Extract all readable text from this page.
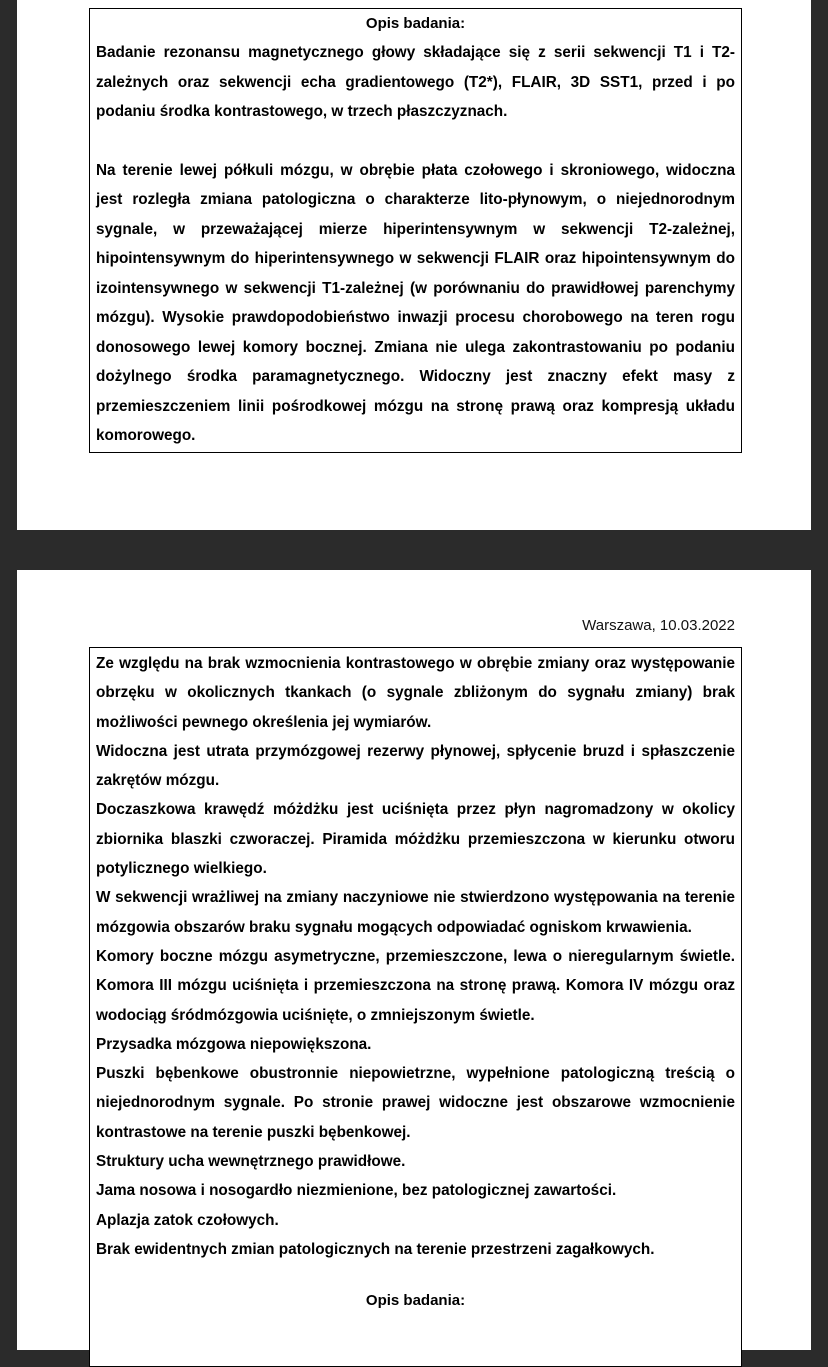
Opis badania:

Badanie rezonansu magnetycznego głowy składające się z serii sekwencji T1 i T2-zależnych oraz sekwencji echa gradientowego (T2*), FLAIR, 3D SST1, przed i po podaniu środka kontrastowego, w trzech płaszczyznach.

Na terenie lewej półkuli mózgu, w obrębie płata czołowego i skroniowego, widoczna jest rozległa zmiana patologiczna o charakterze lito-płynowym, o niejednorodnym sygnale, w przeważającej mierze hiperintensywnym w sekwencji T2-zależnej, hipointensywnym do hiperintensywnego w sekwencji FLAIR oraz hipointensywnym do izointensywnego w sekwencji T1-zależnej (w porównaniu do prawidłowej parenchymy mózgu). Wysokie prawdopodobieństwo inwazji procesu chorobowego na teren rogu donosowego lewej komory bocznej. Zmiana nie ulega zakontrastowaniu po podaniu dożylnego środka paramagnetycznego. Widoczny jest znaczny efekt masy z przemieszczeniem linii pośrodkowej mózgu na stronę prawą oraz kompresją układu komorowego.

Warszawa, 10.03.2022

Ze względu na brak wzmocnienia kontrastowego w obrębie zmiany oraz występowanie obrzęku w okolicznych tkankach (o sygnale zbliżonym do sygnału zmiany) brak możliwości pewnego określenia jej wymiarów.

Widoczna jest utrata przymózgowej rezerwy płynowej, spłycenie bruzd i spłaszczenie zakrętów mózgu.

Doczaszkowa krawędź móżdżku jest uciśnięta przez płyn nagromadzony w okolicy zbiornika blaszki czworaczej. Piramida móżdżku przemieszczona w kierunku otworu potylicznego wielkiego.

W sekwencji wrażliwej na zmiany naczyniowe nie stwierdzono występowania na terenie mózgowia obszarów braku sygnału mogących odpowiadać ogniskom krwawienia.

Komory boczne mózgu asymetryczne, przemieszczone, lewa o nieregularnym świetle. Komora III mózgu uciśnięta i przemieszczona na stronę prawą. Komora IV mózgu oraz wodociąg śródmózgowia uciśnięte, o zmniejszonym świetle.

Przysadka mózgowa niepowiększona.

Puszki bębenkowe obustronnie niepowietrzne, wypełnione patologiczną treścią o niejednorodnym sygnale. Po stronie prawej widoczne jest obszarowe wzmocnienie kontrastowe na terenie puszki bębenkowej.

Struktury ucha wewnętrznego prawidłowe.

Jama nosowa i nosogardło niezmienione, bez patologicznej zawartości.

Aplazja zatok czołowych.

Brak ewidentnych zmian patologicznych na terenie przestrzeni zagałkowych.

Opis badania:
